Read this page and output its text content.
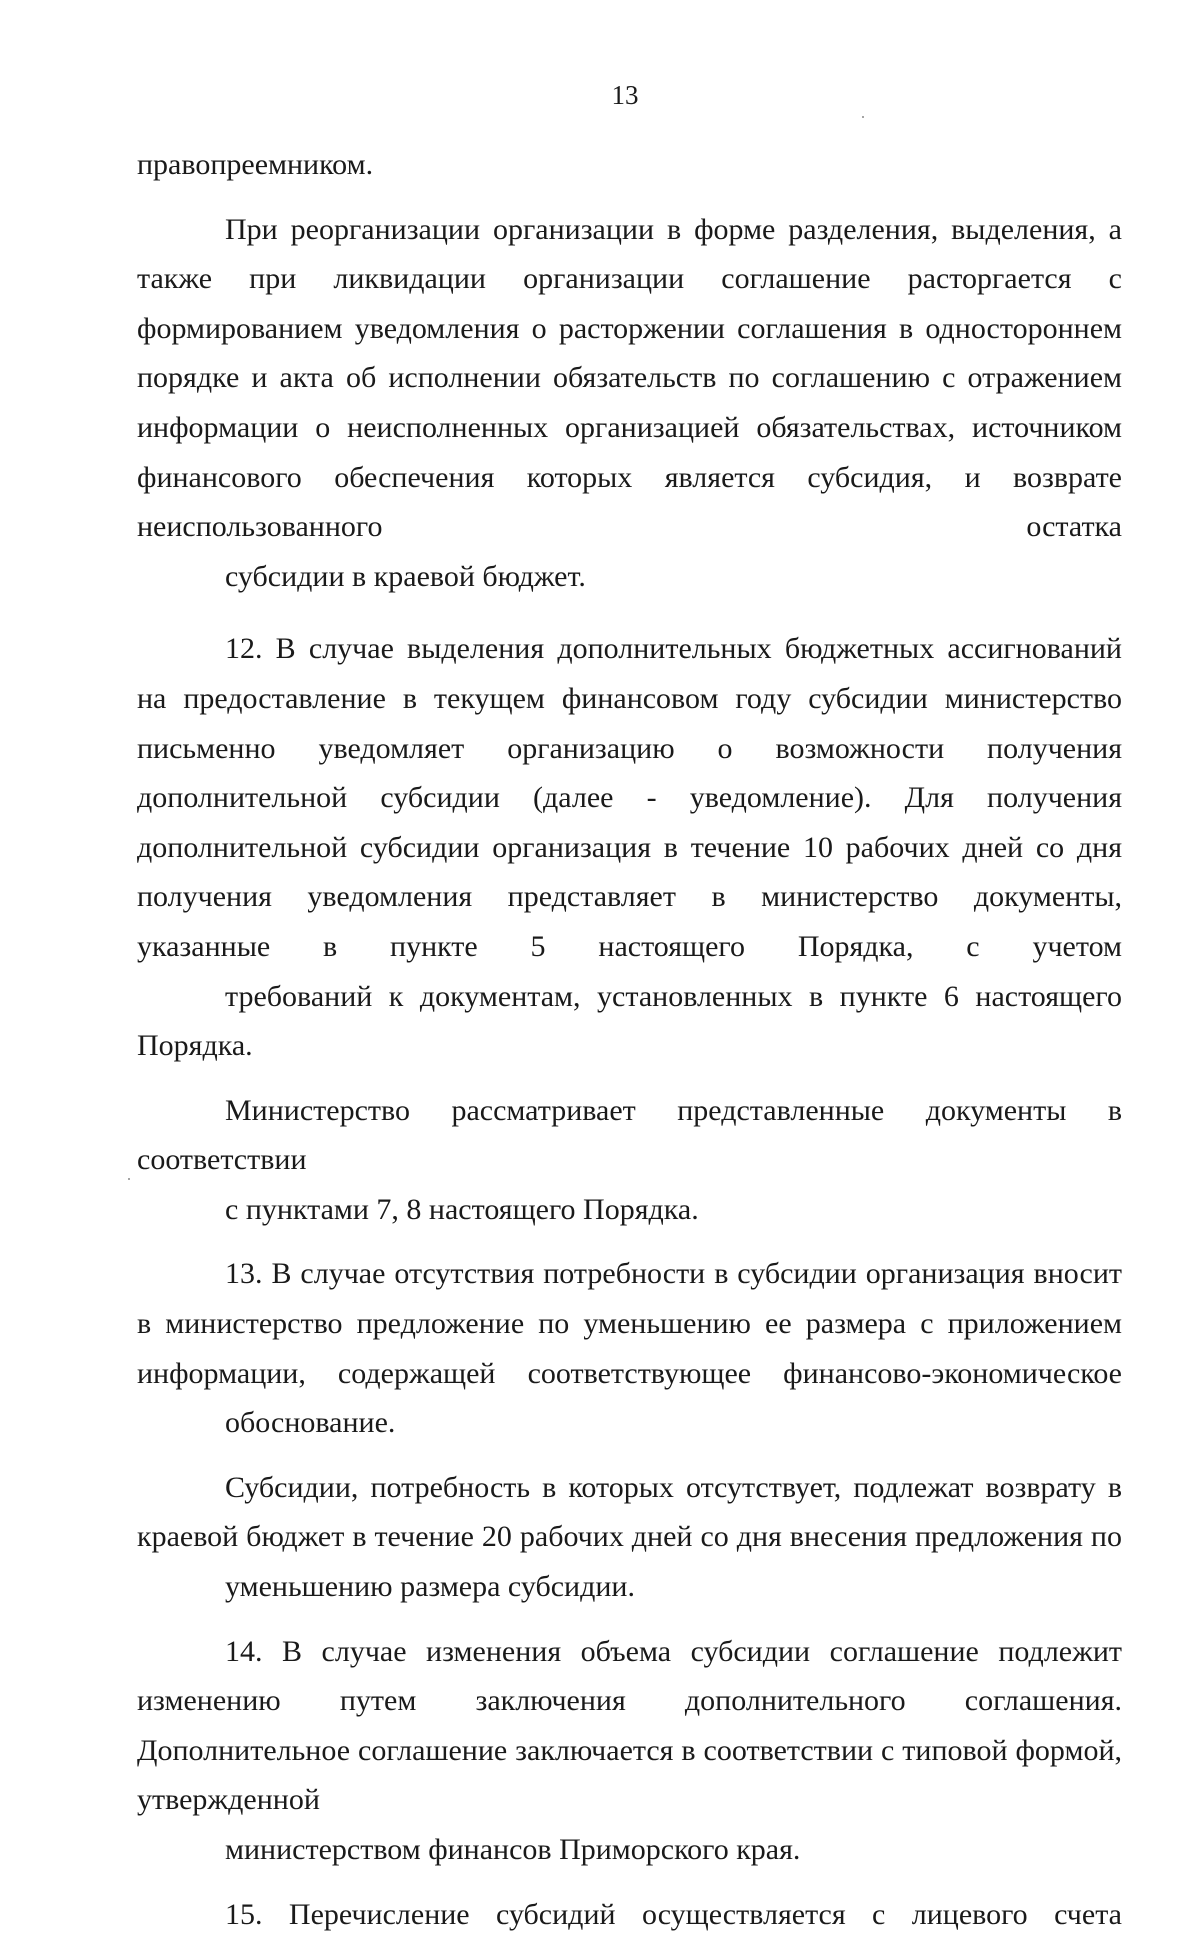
13

правопреемником.

При реорганизации организации в форме разделения, выделения, а также при ликвидации организации соглашение расторгается с формированием уведомления о расторжении соглашения в одностороннем порядке и акта об исполнении обязательств по соглашению с отражением информации о неисполненных организацией обязательствах, источником финансового обеспечения которых является субсидия, и возврате неиспользованного остатка
субсидии в краевой бюджет.

12. В случае выделения дополнительных бюджетных ассигнований на предоставление в текущем финансовом году субсидии министерство письменно уведомляет организацию о возможности получения дополнительной субсидии (далее - уведомление). Для получения дополнительной субсидии организация в течение 10 рабочих дней со дня получения уведомления представляет в министерство документы, указанные в пункте 5 настоящего Порядка, с учетом
требований к документам, установленных в пункте 6 настоящего Порядка.

Министерство рассматривает представленные документы в соответствии
с пунктами 7, 8 настоящего Порядка.

13. В случае отсутствия потребности в субсидии организация вносит в министерство предложение по уменьшению ее размера с приложением информации, содержащей соответствующее финансово-экономическое
обоснование.

Субсидии, потребность в которых отсутствует, подлежат возврату в краевой бюджет в течение 20 рабочих дней со дня внесения предложения по
уменьшению размера субсидии.

14. В случае изменения объема субсидии соглашение подлежит изменению путем заключения дополнительного соглашения. Дополнительное соглашение заключается в соответствии с типовой формой, утвержденной
министерством финансов Приморского края.

15. Перечисление субсидий осуществляется с лицевого счета
